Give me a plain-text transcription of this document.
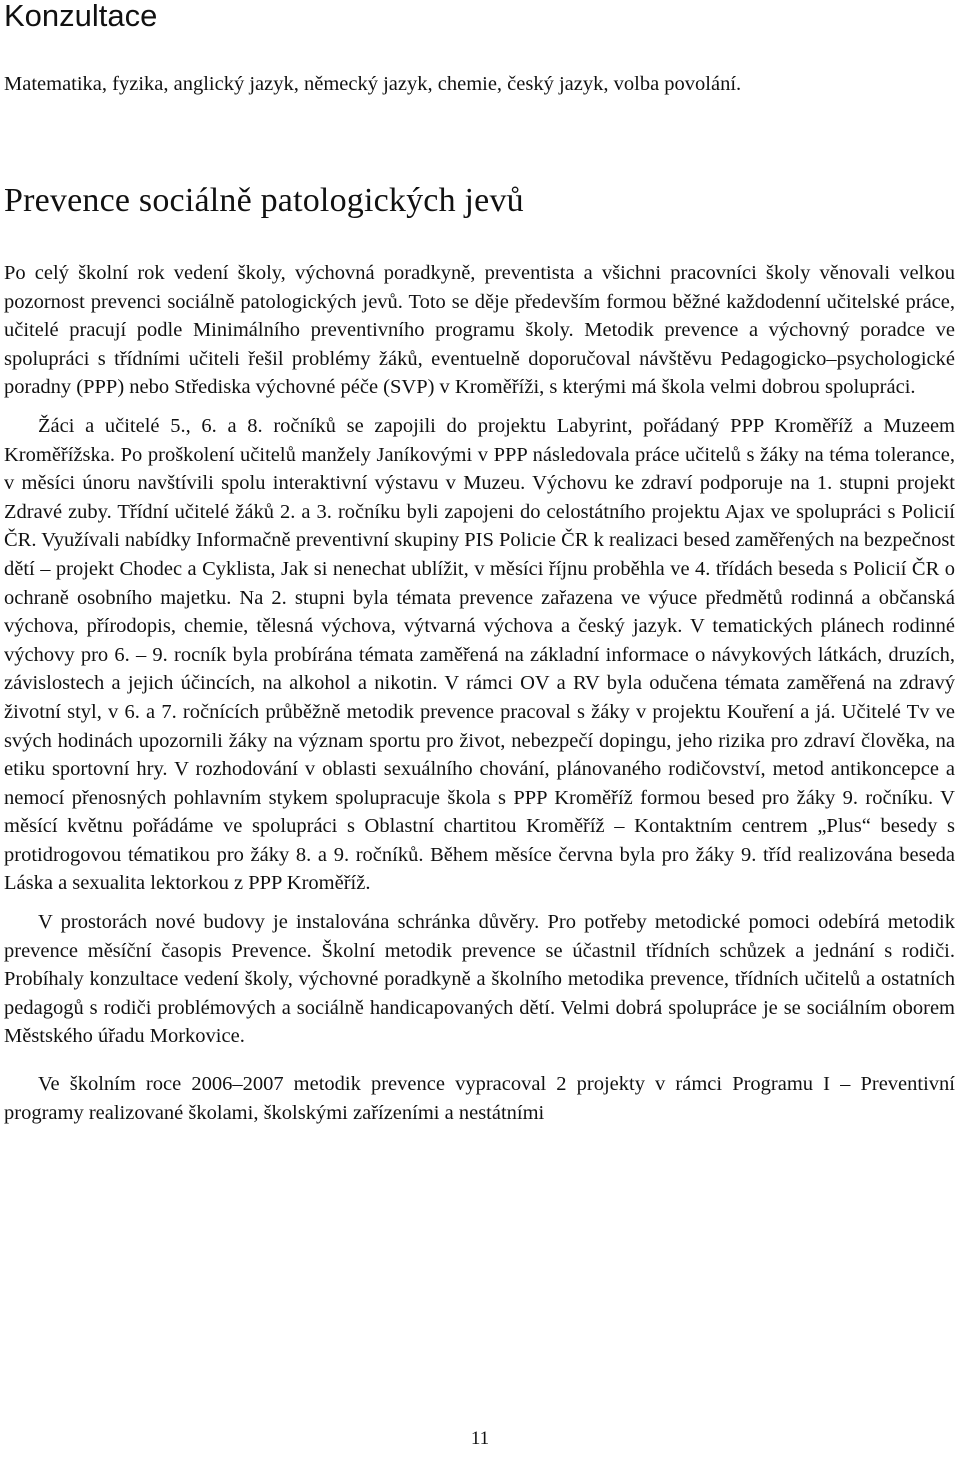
Konzultace

Matematika, fyzika, anglický jazyk, německý jazyk, chemie, český jazyk, volba povolání.

Prevence sociálně patologických jevů

Po celý školní rok vedení školy, výchovná poradkyně, preventista a všichni pracovníci školy věnovali velkou pozornost prevenci sociálně patologických jevů. Toto se děje především formou běžné každodenní učitelské práce, učitelé pracují podle Minimálního preventivního programu školy. Metodik prevence a výchovný poradce ve spolupráci s třídními učiteli řešil problémy žáků, eventuelně doporučoval návštěvu Pedagogicko–psychologické poradny (PPP) nebo Střediska výchovné péče (SVP) v Kroměříži, s kterými má škola velmi dobrou spolupráci.

Žáci a učitelé 5., 6. a 8. ročníků se zapojili do projektu Labyrint, pořádaný PPP Kroměříž a Muzeem Kroměřížska. Po proškolení učitelů manžely Janíkovými v PPP následovala práce učitelů s žáky na téma tolerance, v měsíci únoru navštívili spolu interaktivní výstavu v Muzeu. Výchovu ke zdraví podporuje na 1. stupni projekt Zdravé zuby. Třídní učitelé žáků 2. a 3. ročníku byli zapojeni do celostátního projektu Ajax ve spolupráci s Policií ČR. Využívali nabídky Informačně preventivní skupiny PIS Policie ČR k realizaci besed zaměřených na bezpečnost dětí – projekt Chodec a Cyklista, Jak si nenechat ublížit, v měsíci říjnu proběhla ve 4. třídách beseda s Policií ČR o ochraně osobního majetku. Na 2. stupni byla témata prevence zařazena ve výuce předmětů rodinná a občanská výchova, přírodopis, chemie, tělesná výchova, výtvarná výchova a český jazyk. V tematických plánech rodinné výchovy pro 6. – 9. rocník byla probírána témata zaměřená na základní informace o návykových látkách, druzích, závislostech a jejich účincích, na alkohol a nikotin. V rámci OV a RV byla odučena témata zaměřená na zdravý životní styl, v 6. a 7. ročnících průběžně metodik prevence pracoval s žáky v projektu Kouření a já. Učitelé Tv ve svých hodinách upozornili žáky na význam sportu pro život, nebezpečí dopingu, jeho rizika pro zdraví člověka, na etiku sportovní hry. V rozhodování v oblasti sexuálního chování, plánovaného rodičovství, metod antikoncepce a nemocí přenosných pohlavním stykem spolupracuje škola s PPP Kroměříž formou besed pro žáky 9. ročníku. V měsící květnu pořádáme ve spolupráci s Oblastní chartitou Kroměříž – Kontaktním centrem „Plus“ besedy s protidrogovou tématikou pro žáky 8. a 9. ročníků. Během měsíce června byla pro žáky 9. tříd realizována beseda Láska a sexualita lektorkou z PPP Kroměříž.

V prostorách nové budovy je instalována schránka důvěry. Pro potřeby metodické pomoci odebírá metodik prevence měsíční časopis Prevence. Školní metodik prevence se účastnil třídních schůzek a jednání s rodiči. Probíhaly konzultace vedení školy, výchovné poradkyně a školního metodika prevence, třídních učitelů a ostatních pedagogů s rodiči problémových a sociálně handicapovaných dětí. Velmi dobrá spolupráce je se sociálním oborem Městského úřadu Morkovice.

Ve školním roce 2006–2007 metodik prevence vypracoval 2 projekty v rámci Programu I – Preventivní programy realizované školami, školskými zařízeními a nestátními

11
